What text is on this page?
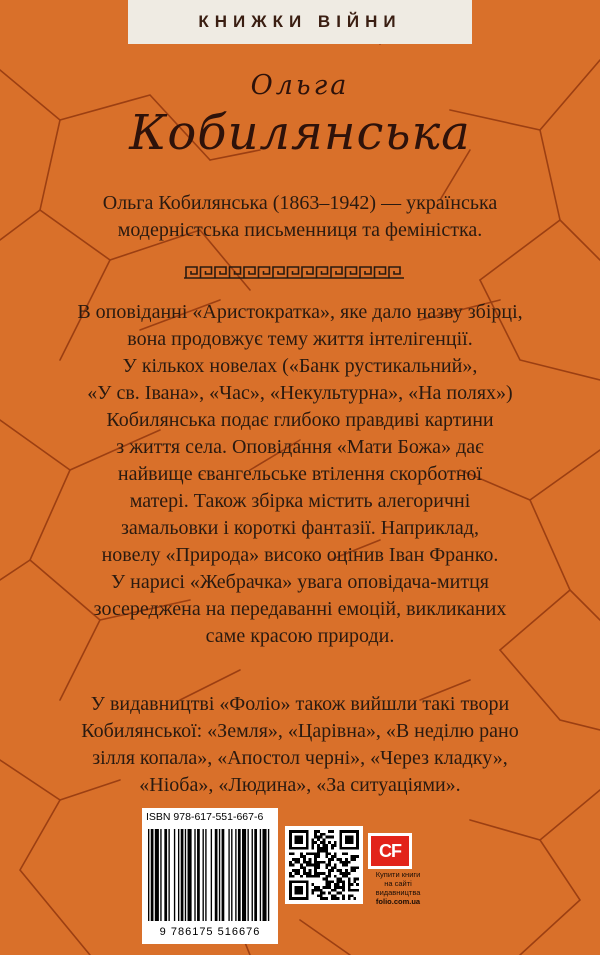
КНИЖКИ ВІЙНИ
Ольга
Кобилянська
Ольга Кобилянська (1863–1942) — українська
модерністська письменниця та феміністка.

В оповіданні «Аристократка», яке дало назву збірці,

вона продовжує тему життя інтелігенції.

У кількох новелах («Банк рустикальний»,

«У св. Івана», «Час», «Некультурна», «На полях»)

Кобилянська подає глибоко правдиві картини

з життя села. Оповідання «Мати Божа» дає

найвище євангельське втілення скорботної

матері. Також збірка містить алегоричні

замальовки і короткі фантазії. Наприклад,

новелу «Природа» високо оцінив Іван Франко.

У нарисі «Жебрачка» увага оповідача-митця

зосереджена на передаванні емоцій, викликаних

саме красою природи.

У видавництві «Фоліо» також вийшли такі твори

Кобилянської: «Земля», «Царівна», «В неділю рано

зілля копала», «Апостол черні», «Через кладку»,

«Ніоба», «Людина», «За ситуаціями».

ISBN 978-617-551-667-6
9 786175 516676
CF
Купити книги
на сайті
видавництва
folio.com.ua
